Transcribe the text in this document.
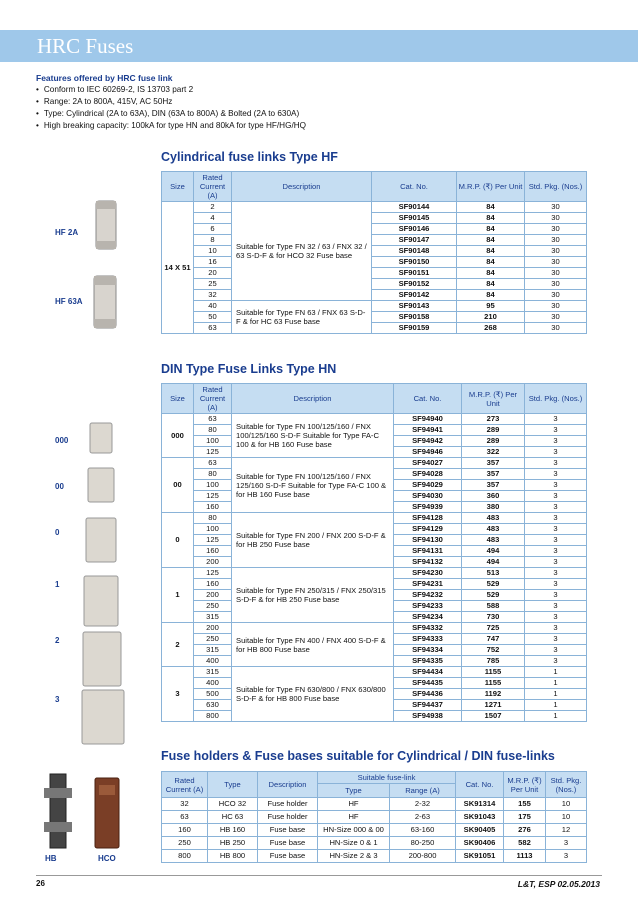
HRC Fuses
Features offered by HRC fuse link
• Conform to IEC 60269-2, IS 13703 part 2
• Range: 2A to 800A, 415V, AC 50Hz
• Type: Cylindrical (2A to 63A), DIN (63A to 800A) & Bolted (2A to 630A)
• High breaking capacity: 100kA for type HN and 80kA for type HF/HG/HQ
Cylindrical fuse links Type HF
Size	Rated Current (A)	Description	Cat. No.	M.R.P. (₹) Per Unit	Std. Pkg. (Nos.)
14 X 51	2	Suitable for Type FN 32 / 63 / FNX 32 / 63 S-D-F & for HCO 32 Fuse base	SF90144	84	30
	4		SF90145	84	30
	6		SF90146	84	30
	8		SF90147	84	30
	10		SF90148	84	30
	16		SF90150	84	30
	20		SF90151	84	30
	25		SF90152	84	30
	32		SF90142	84	30
	40	Suitable for Type FN 63 / FNX 63 S-D-F & for HC 63 Fuse base	SF90143	95	30
	50		SF90158	210	30
	63		SF90159	268	30
HF 2A
HF 63A
DIN Type Fuse Links Type HN
Size	Rated Current (A)	Description	Cat. No.	M.R.P. (₹) Per Unit	Std. Pkg. (Nos.)
000	63	Suitable for Type FN 100/125/160 / FNX 100/125/160 S-D-F Suitable for Type FA-C 100 & for HB 160 Fuse base	SF94940	273	3
	80		SF94941	289	3
	100		SF94942	289	3
	125		SF94946	322	3
00	63	Suitable for Type FN 100/125/160 / FNX 125/160 S-D-F Suitable for Type FA-C 100 & for HB 160 Fuse base	SF94027	357	3
	80		SF94028	357	3
	100		SF94029	357	3
	125		SF94030	360	3
	160		SF94939	380	3
0	80	Suitable for Type FN 200 / FNX 200 S-D-F & for HB 250 Fuse base	SF94128	483	3
	100		SF94129	483	3
	125		SF94130	483	3
	160		SF94131	494	3
	200		SF94132	494	3
1	125	Suitable for Type FN 250/315 / FNX 250/315 S-D-F & for HB 250 Fuse base	SF94230	513	3
	160		SF94231	529	3
	200		SF94232	529	3
	250		SF94233	588	3
	315		SF94234	730	3
2	200	Suitable for Type FN 400 / FNX 400 S-D-F & for HB 800 Fuse base	SF94332	725	3
	250		SF94333	747	3
	315		SF94334	752	3
	400		SF94335	785	3
3	315	Suitable for Type FN 630/800 / FNX 630/800 S-D-F & for HB 800 Fuse base	SF94434	1155	1
	400		SF94435	1155	1
	500		SF94436	1192	1
	630		SF94437	1271	1
	800		SF94938	1507	1
000
00
0
1
2
3
Fuse holders & Fuse bases suitable for Cylindrical / DIN fuse-links
Rated Current (A)	Type	Description	Suitable fuse-link		Cat. No.	M.R.P. (₹) Per Unit	Std. Pkg. (Nos.)
			Type	Range (A)			
32	HCO 32	Fuse holder	HF	2-32	SK91314	155	10
63	HC 63	Fuse holder	HF	2-63	SK91043	175	10
160	HB 160	Fuse base	HN-Size 000 & 00	63-160	SK90405	276	12
250	HB 250	Fuse base	HN-Size 0 & 1	80-250	SK90406	582	3
800	HB 800	Fuse base	HN-Size 2 & 3	200-800	SK91051	1113	3
HB	HCO
26	L&T, ESP 02.05.2013
